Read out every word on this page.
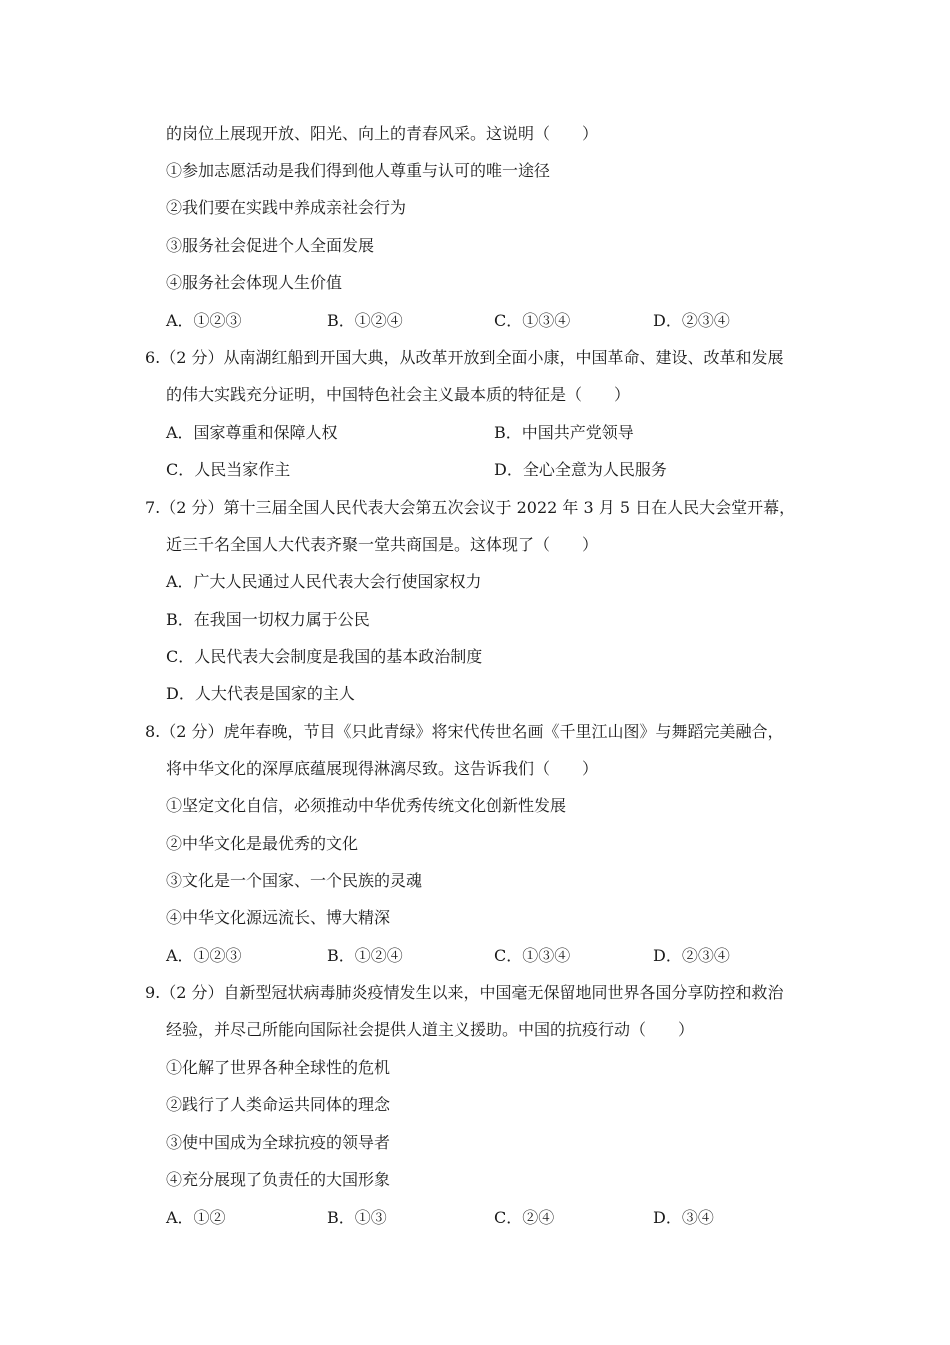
的岗位上展现开放、阳光、向上的青春风采。这说明（　　）
①参加志愿活动是我们得到他人尊重与认可的唯一途径
②我们要在实践中养成亲社会行为
③服务社会促进个人全面发展
④服务社会体现人生价值
A．①②③	B．①②④	C．①③④	D．②③④
6.（2 分）从南湖红船到开国大典，从改革开放到全面小康，中国革命、建设、改革和发展
的伟大实践充分证明，中国特色社会主义最本质的特征是（　　）
A．国家尊重和保障人权	B．中国共产党领导
C．人民当家作主	D．全心全意为人民服务
7.（2 分）第十三届全国人民代表大会第五次会议于 2022 年 3 月 5 日在人民大会堂开幕，
近三千名全国人大代表齐聚一堂共商国是。这体现了（　　）
A．广大人民通过人民代表大会行使国家权力
B．在我国一切权力属于公民
C．人民代表大会制度是我国的基本政治制度
D．人大代表是国家的主人
8.（2 分）虎年春晚，节目《只此青绿》将宋代传世名画《千里江山图》与舞蹈完美融合，
将中华文化的深厚底蕴展现得淋漓尽致。这告诉我们（　　）
①坚定文化自信，必须推动中华优秀传统文化创新性发展
②中华文化是最优秀的文化
③文化是一个国家、一个民族的灵魂
④中华文化源远流长、博大精深
A．①②③	B．①②④	C．①③④	D．②③④
9.（2 分）自新型冠状病毒肺炎疫情发生以来，中国毫无保留地同世界各国分享防控和救治
经验，并尽己所能向国际社会提供人道主义援助。中国的抗疫行动（　　）
①化解了世界各种全球性的危机
②践行了人类命运共同体的理念
③使中国成为全球抗疫的领导者
④充分展现了负责任的大国形象
A．①②	B．①③	C．②④	D．③④
